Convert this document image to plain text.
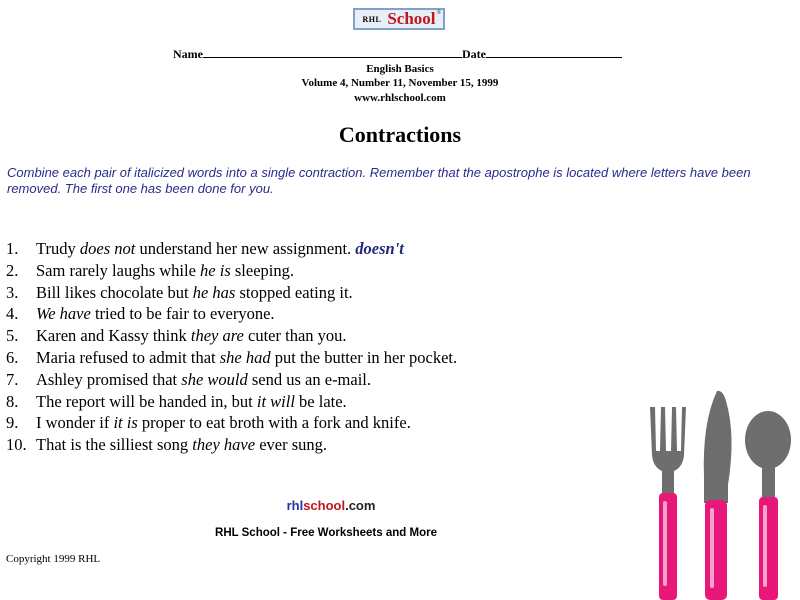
RHL School ®
Name	Date
English Basics
Volume 4, Number 11, November 15, 1999
www.rhlschool.com
Contractions
Combine each pair of italicized words into a single contraction. Remember that the apostrophe is located where letters have been removed. The first one has been done for you.
1. Trudy does not understand her new assignment. doesn't
2. Sam rarely laughs while he is sleeping.
3. Bill likes chocolate but he has stopped eating it.
4. We have tried to be fair to everyone.
5. Karen and Kassy think they are cuter than you.
6. Maria refused to admit that she had put the butter in her pocket.
7. Ashley promised that she would send us an e-mail.
8. The report will be handed in, but it will be late.
9. I wonder if it is proper to eat broth with a fork and knife.
10. That is the silliest song they have ever sung.
rhlschool.com
RHL School - Free Worksheets and More
Copyright 1999 RHL
